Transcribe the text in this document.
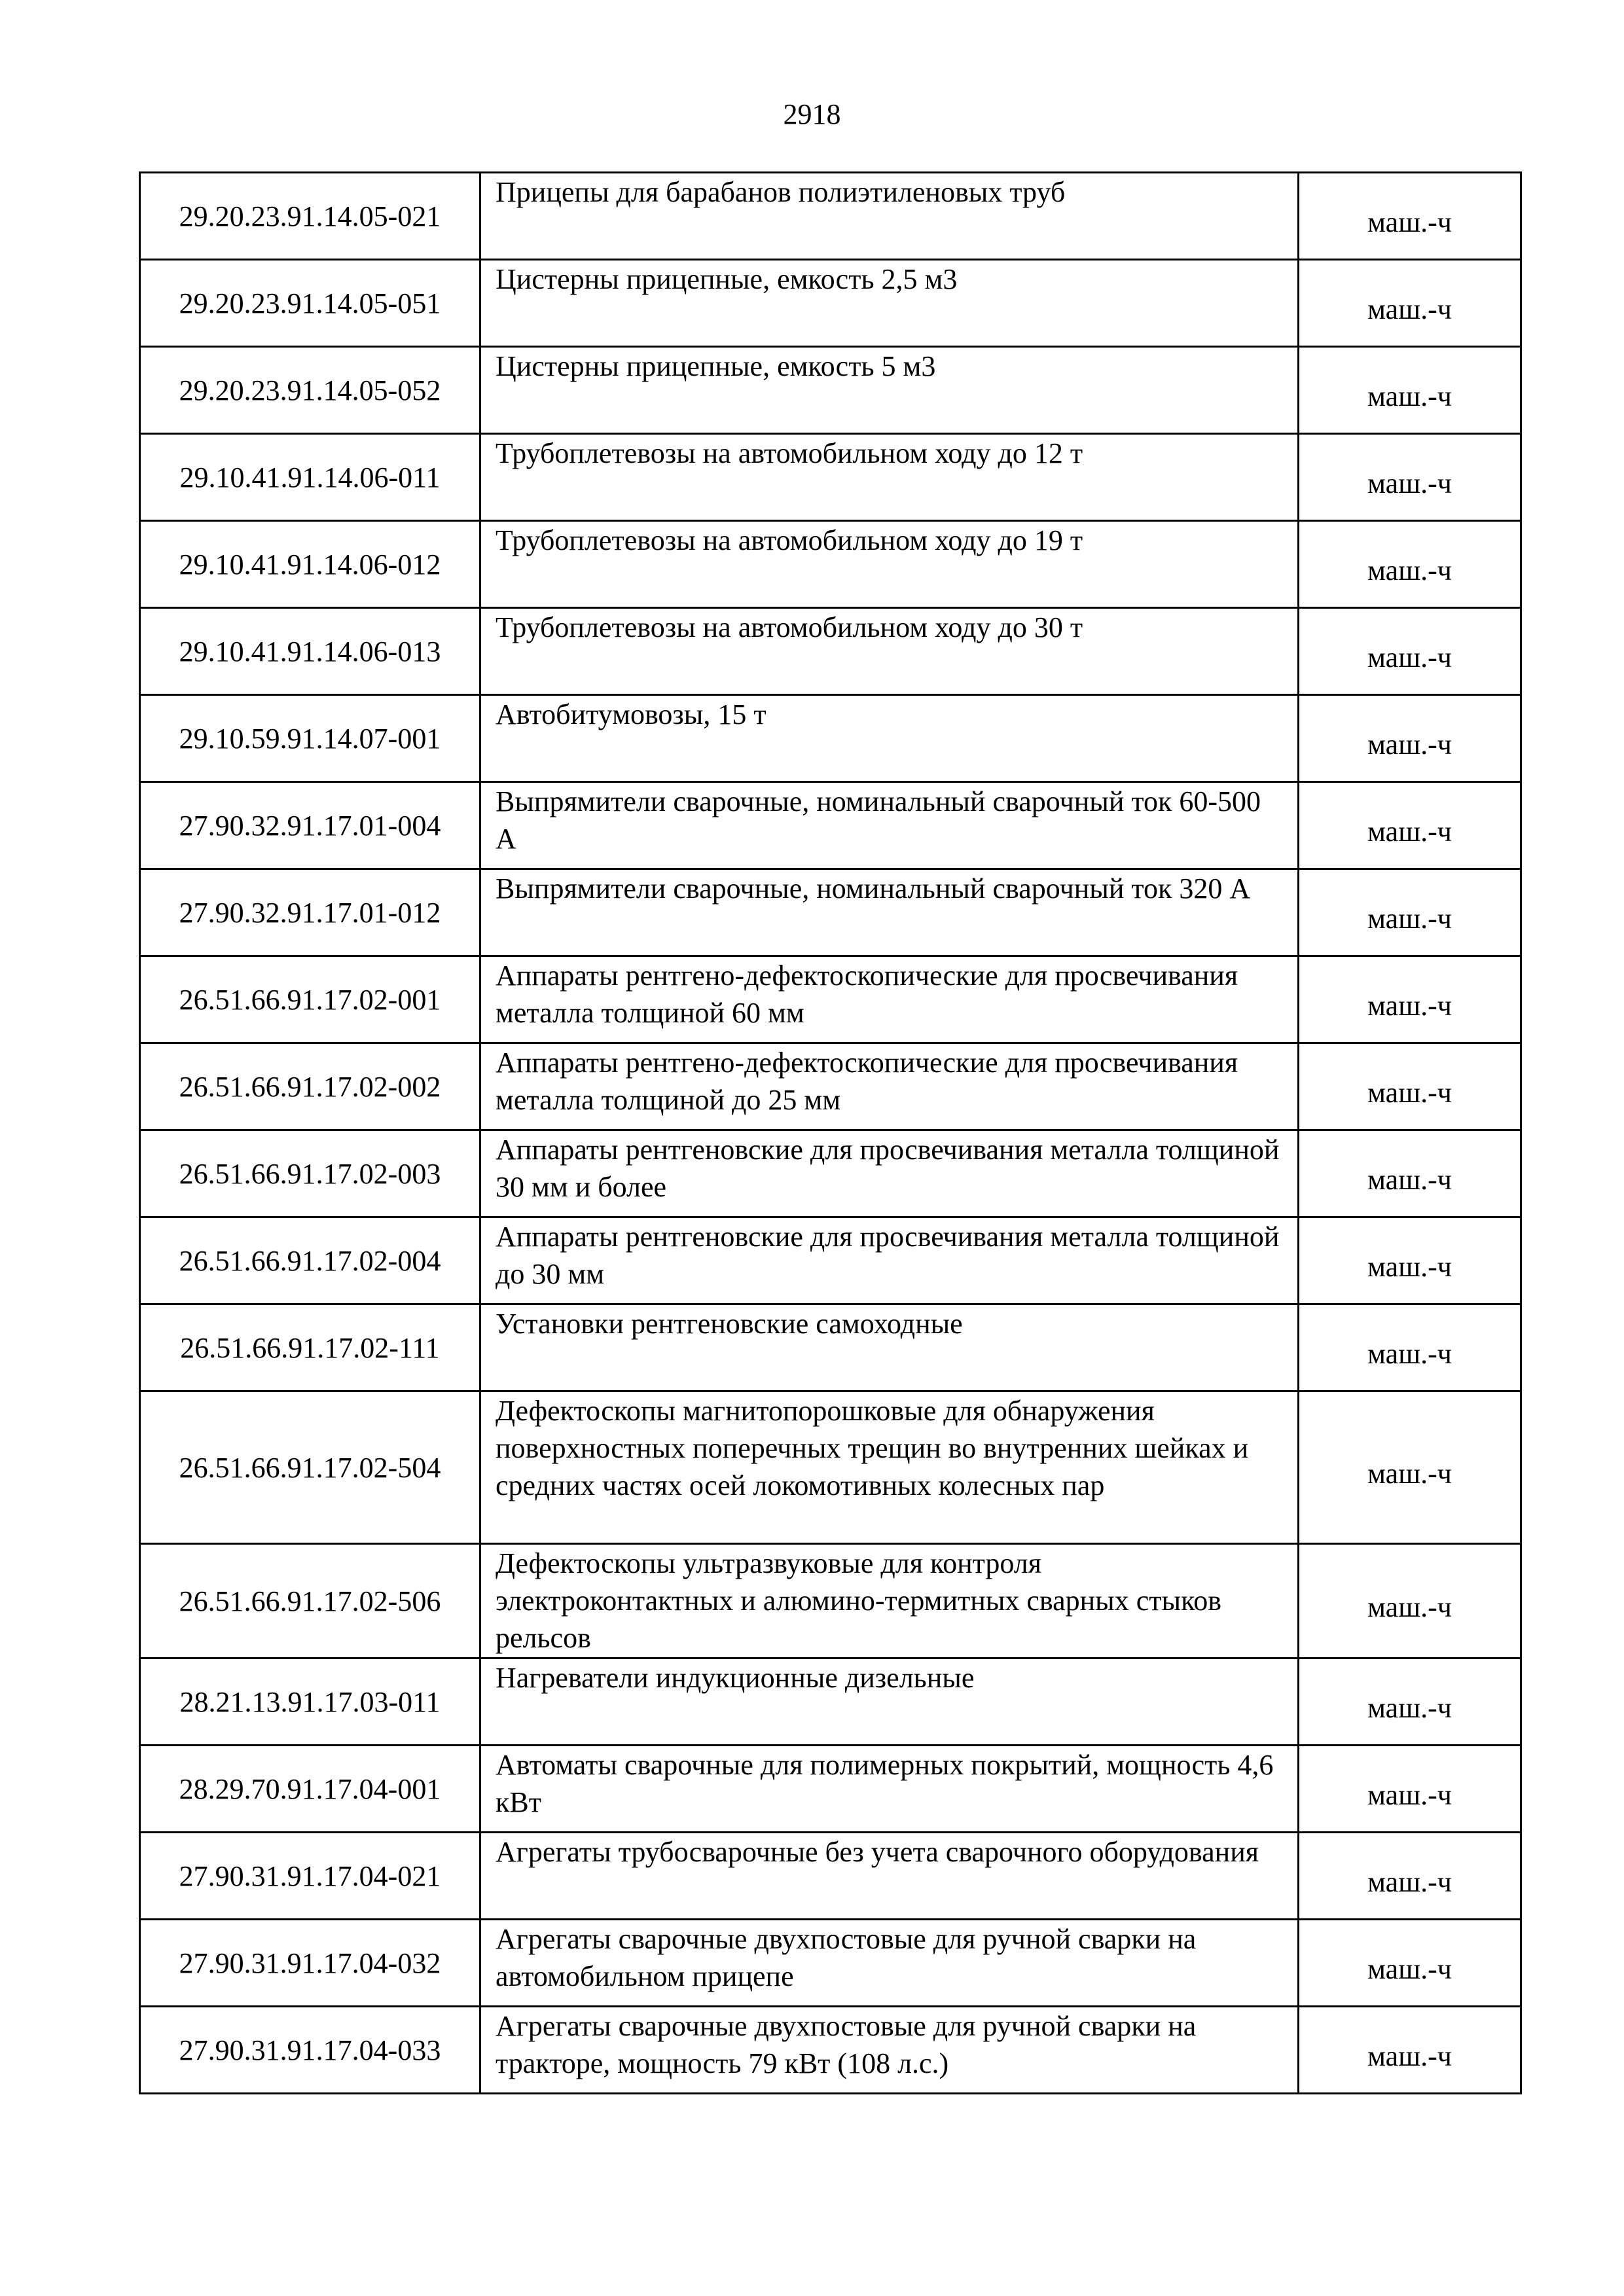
2918
29.20.23.91.14.05-021	Прицепы для барабанов полиэтиленовых труб	маш.-ч
29.20.23.91.14.05-051	Цистерны прицепные, емкость 2,5 м3	маш.-ч
29.20.23.91.14.05-052	Цистерны прицепные, емкость 5 м3	маш.-ч
29.10.41.91.14.06-011	Трубоплетевозы на автомобильном ходу до 12 т	маш.-ч
29.10.41.91.14.06-012	Трубоплетевозы на автомобильном ходу до 19 т	маш.-ч
29.10.41.91.14.06-013	Трубоплетевозы на автомобильном ходу до 30 т	маш.-ч
29.10.59.91.14.07-001	Автобитумовозы, 15 т	маш.-ч
27.90.32.91.17.01-004	Выпрямители сварочные, номинальный сварочный ток 60-500 А	маш.-ч
27.90.32.91.17.01-012	Выпрямители сварочные, номинальный сварочный ток 320 А	маш.-ч
26.51.66.91.17.02-001	Аппараты рентгено-дефектоскопические для просвечивания металла толщиной 60 мм	маш.-ч
26.51.66.91.17.02-002	Аппараты рентгено-дефектоскопические для просвечивания металла толщиной до 25 мм	маш.-ч
26.51.66.91.17.02-003	Аппараты рентгеновские для просвечивания металла толщиной 30 мм и более	маш.-ч
26.51.66.91.17.02-004	Аппараты рентгеновские для просвечивания металла толщиной до 30 мм	маш.-ч
26.51.66.91.17.02-111	Установки рентгеновские самоходные	маш.-ч
26.51.66.91.17.02-504	Дефектоскопы магнитопорошковые для обнаружения поверхностных поперечных трещин во внутренних шейках и средних частях осей локомотивных колесных пар	маш.-ч
26.51.66.91.17.02-506	Дефектоскопы ультразвуковые для контроля электроконтактных и алюмино-термитных сварных стыков рельсов	маш.-ч
28.21.13.91.17.03-011	Нагреватели индукционные дизельные	маш.-ч
28.29.70.91.17.04-001	Автоматы сварочные для полимерных покрытий, мощность 4,6 кВт	маш.-ч
27.90.31.91.17.04-021	Агрегаты трубосварочные без учета сварочного оборудования	маш.-ч
27.90.31.91.17.04-032	Агрегаты сварочные двухпостовые для ручной сварки на автомобильном прицепе	маш.-ч
27.90.31.91.17.04-033	Агрегаты сварочные двухпостовые для ручной сварки на тракторе, мощность 79 кВт (108 л.с.)	маш.-ч
